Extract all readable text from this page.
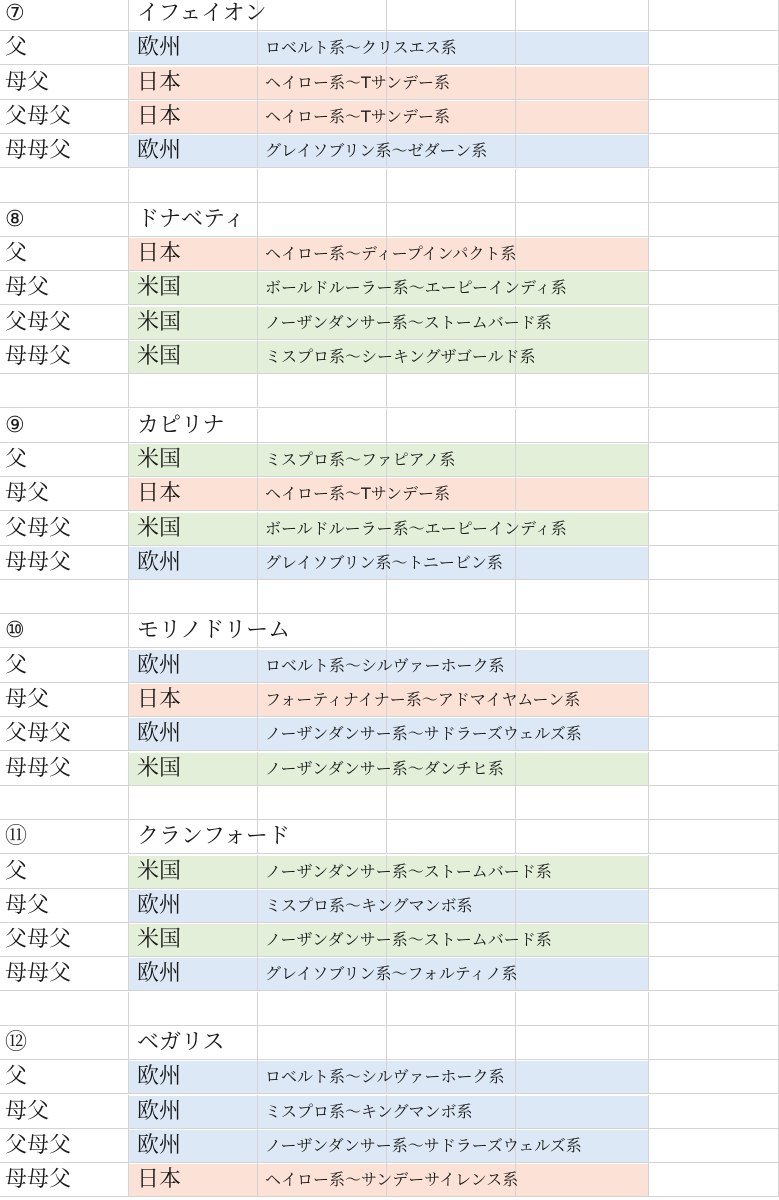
⑦	イフェイオン
父	欧州	ロベルト系～クリスエス系
母父	日本	ヘイロー系～Tサンデー系
父母父	日本	ヘイロー系～Tサンデー系
母母父	欧州	グレイソブリン系～ゼダーン系
⑧	ドナベティ
父	日本	ヘイロー系～ディープインパクト系
母父	米国	ボールドルーラー系～エーピーインディ系
父母父	米国	ノーザンダンサー系～ストームバード系
母母父	米国	ミスプロ系～シーキングザゴールド系
⑨	カピリナ
父	米国	ミスプロ系～ファピアノ系
母父	日本	ヘイロー系～Tサンデー系
父母父	米国	ボールドルーラー系～エーピーインディ系
母母父	欧州	グレイソブリン系～トニービン系
⑩	モリノドリーム
父	欧州	ロベルト系～シルヴァーホーク系
母父	日本	フォーティナイナー系～アドマイヤムーン系
父母父	欧州	ノーザンダンサー系～サドラーズウェルズ系
母母父	米国	ノーザンダンサー系～ダンチヒ系
⑪	クランフォード
父	米国	ノーザンダンサー系～ストームバード系
母父	欧州	ミスプロ系～キングマンボ系
父母父	米国	ノーザンダンサー系～ストームバード系
母母父	欧州	グレイソブリン系～フォルティノ系
⑫	ベガリス
父	欧州	ロベルト系～シルヴァーホーク系
母父	欧州	ミスプロ系～キングマンボ系
父母父	欧州	ノーザンダンサー系～サドラーズウェルズ系
母母父	日本	ヘイロー系～サンデーサイレンス系
